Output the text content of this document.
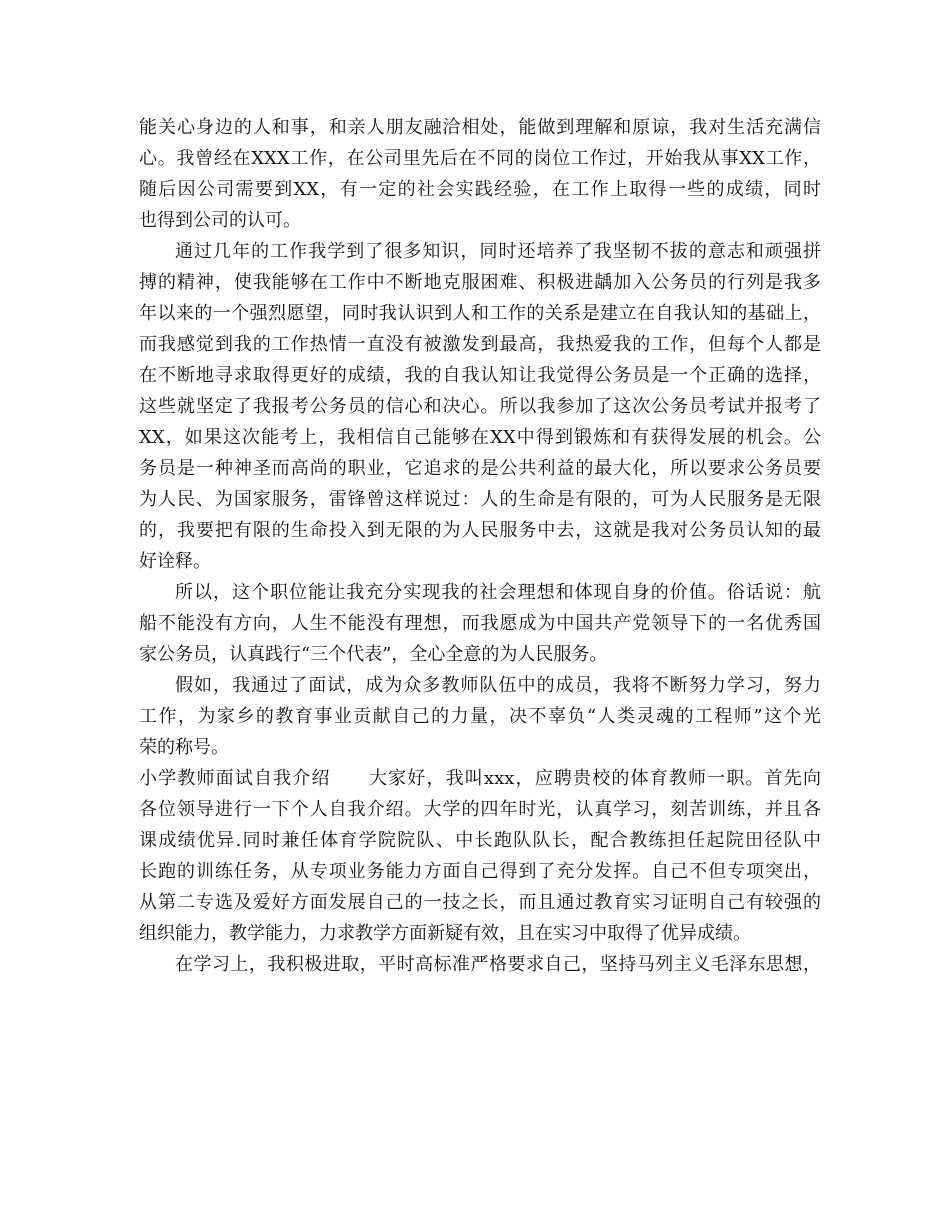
能关心身边的人和事，和亲人朋友融洽相处，能做到理解和原谅，我对生活充满信
心。我曾经在XXX工作，在公司里先后在不同的岗位工作过，开始我从事XX工作，
随后因公司需要到XX，有一定的社会实践经验，在工作上取得一些的成绩，同时
也得到公司的认可。
通过几年的工作我学到了很多知识，同时还培养了我坚韧不拔的意志和顽强拼
搏的精神，使我能够在工作中不断地克服困难、积极进龋加入公务员的行列是我多
年以来的一个强烈愿望，同时我认识到人和工作的关系是建立在自我认知的基础上，
而我感觉到我的工作热情一直没有被激发到最高，我热爱我的工作，但每个人都是
在不断地寻求取得更好的成绩，我的自我认知让我觉得公务员是一个正确的选择，
这些就坚定了我报考公务员的信心和决心。所以我参加了这次公务员考试并报考了
XX，如果这次能考上，我相信自己能够在XX中得到锻炼和有获得发展的机会。公
务员是一种神圣而高尚的职业，它追求的是公共利益的最大化，所以要求公务员要
为人民、为国家服务，雷锋曾这样说过：人的生命是有限的，可为人民服务是无限
的，我要把有限的生命投入到无限的为人民服务中去，这就是我对公务员认知的最
好诠释。
所以，这个职位能让我充分实现我的社会理想和体现自身的价值。俗话说：航
船不能没有方向，人生不能没有理想，而我愿成为中国共产党领导下的一名优秀国
家公务员，认真践行“三个代表”，全心全意的为人民服务。
假如，我通过了面试，成为众多教师队伍中的成员，我将不断努力学习，努力
工作，为家乡的教育事业贡献自己的力量，决不辜负“人类灵魂的工程师”这个光
荣的称号。
小学教师面试自我介绍　　大家好，我叫xxx，应聘贵校的体育教师一职。首先向
各位领导进行一下个人自我介绍。大学的四年时光，认真学习，刻苦训练，并且各
课成绩优异.同时兼任体育学院院队、中长跑队队长，配合教练担任起院田径队中
长跑的训练任务，从专项业务能力方面自己得到了充分发挥。自己不但专项突出，
从第二专选及爱好方面发展自己的一技之长，而且通过教育实习证明自己有较强的
组织能力，教学能力，力求教学方面新疑有效，且在实习中取得了优异成绩。
在学习上，我积极进取，平时高标准严格要求自己，坚持马列主义毛泽东思想，
